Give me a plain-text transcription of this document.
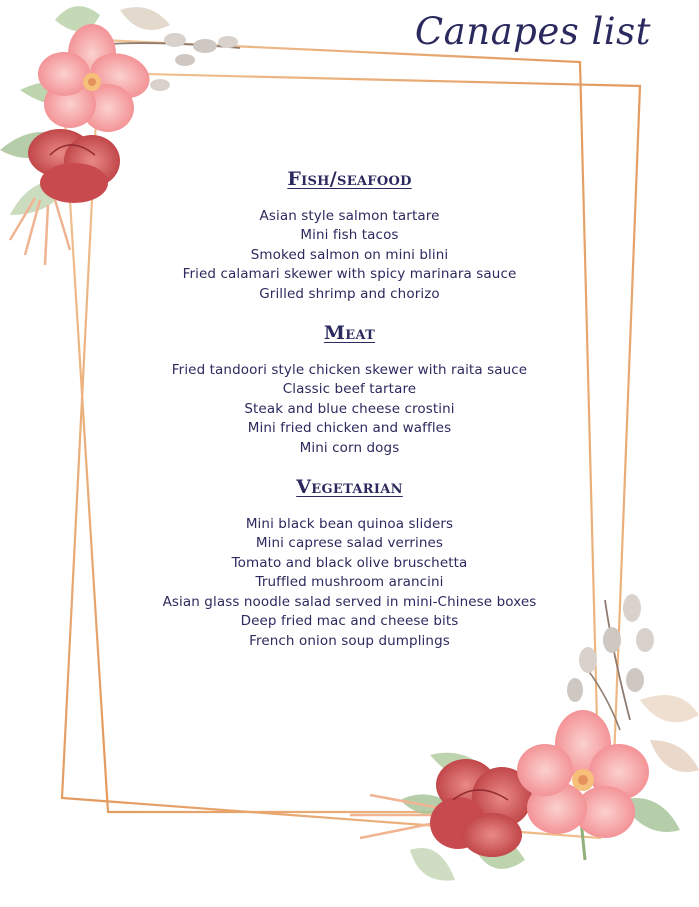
Canapes list
Fish/seafood
Asian style salmon tartare
Mini fish tacos
Smoked salmon on mini blini
Fried calamari skewer with spicy marinara sauce
Grilled shrimp and chorizo
Meat
Fried tandoori style chicken skewer with raita sauce
Classic beef tartare
Steak and blue cheese crostini
Mini fried chicken and waffles
Mini corn dogs
Vegetarian
Mini black bean quinoa sliders
Mini caprese salad verrines
Tomato and black olive bruschetta
Truffled mushroom arancini
Asian glass noodle salad served in mini-Chinese boxes
Deep fried mac and cheese bits
French onion soup dumplings
